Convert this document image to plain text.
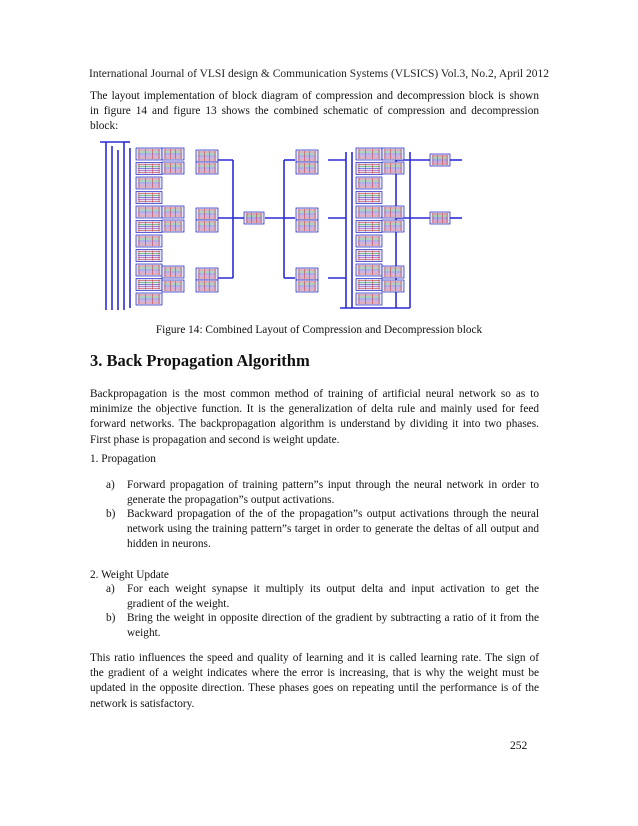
International Journal of VLSI design & Communication Systems (VLSICS) Vol.3, No.2, April 2012
The layout implementation of block diagram of compression and decompression block is shown
in figure 14 and figure 13 shows the combined schematic of compression and decompression
block:
Figure 14: Combined Layout of Compression and Decompression block
3. Back Propagation Algorithm
Backpropagation is the most common method of training of artificial neural network so as to
minimize the objective function. It is the generalization of delta rule and mainly used for feed
forward networks. The backpropagation algorithm is understand by dividing it into two phases.
First phase is propagation and second is weight update.
1. Propagation
a) Forward propagation of training pattern”s input through the neural network in order to
generate the propagation”s output activations.
b) Backward propagation of the of the propagation”s output activations through the neural
network using the training pattern”s target in order to generate the deltas of all output and
hidden in neurons.
2. Weight Update
a) For each weight synapse it multiply its output delta and input activation to get the
gradient of the weight.
b) Bring the weight in opposite direction of the gradient by subtracting a ratio of it from the
weight.
This ratio influences the speed and quality of learning and it is called learning rate. The sign of
the gradient of a weight indicates where the error is increasing, that is why the weight must be
updated in the opposite direction. These phases goes on repeating until the performance is of the
network is satisfactory.
252
